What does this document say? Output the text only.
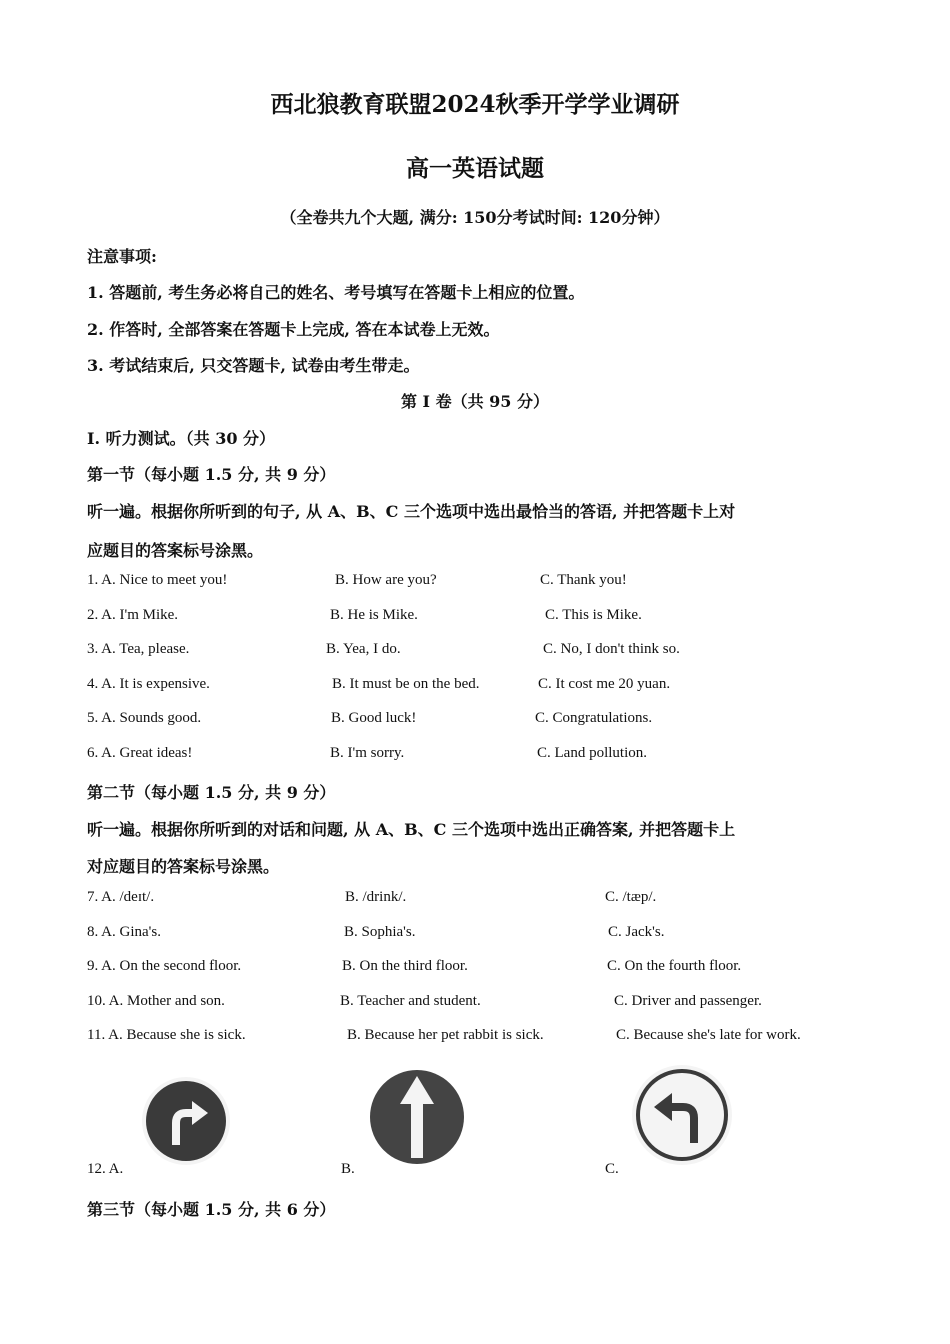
西北狼教育联盟2024秋季开学学业调研
高一英语试题
（全卷共九个大题, 满分: 150分考试时间: 120分钟）
注意事项:
1. 答题前, 考生务必将自己的姓名、考号填写在答题卡上相应的位置。
2. 作答时, 全部答案在答题卡上完成, 答在本试卷上无效。
3. 考试结束后, 只交答题卡, 试卷由考生带走。
第 I 卷（共 95 分）
I. 听力测试。（共 30 分）
第一节（每小题 1.5 分, 共 9 分）
听一遍。根据你所听到的句子, 从 A、B、C 三个选项中选出最恰当的答语, 并把答题卡上对
应题目的答案标号涂黑。
1. A. Nice to meet you!	B. How are you?	C. Thank you!
2. A. I'm Mike.	B. He is Mike.	C. This is Mike.
3. A. Tea, please.	B. Yea, I do.	C. No, I don't think so.
4. A. It is expensive.	B. It must be on the bed.	C. It cost me 20 yuan.
5. A. Sounds good.	B. Good luck!	C. Congratulations.
6. A. Great ideas!	B. I'm sorry.	C. Land pollution.
第二节（每小题 1.5 分, 共 9 分）
听一遍。根据你所听到的对话和问题, 从 A、B、C 三个选项中选出正确答案, 并把答题卡上
对应题目的答案标号涂黑。
7. A. /deɪt/.	B. /drink/.	C. /tæp/.
8. A. Gina's.	B. Sophia's.	C. Jack's.
9. A. On the second floor.	B. On the third floor.	C. On the fourth floor.
10. A. Mother and son.	B. Teacher and student.	C. Driver and passenger.
11. A. Because she is sick.	B. Because her pet rabbit is sick.	C. Because she's late for work.
12. A.	B.	C.
第三节（每小题 1.5 分, 共 6 分）
